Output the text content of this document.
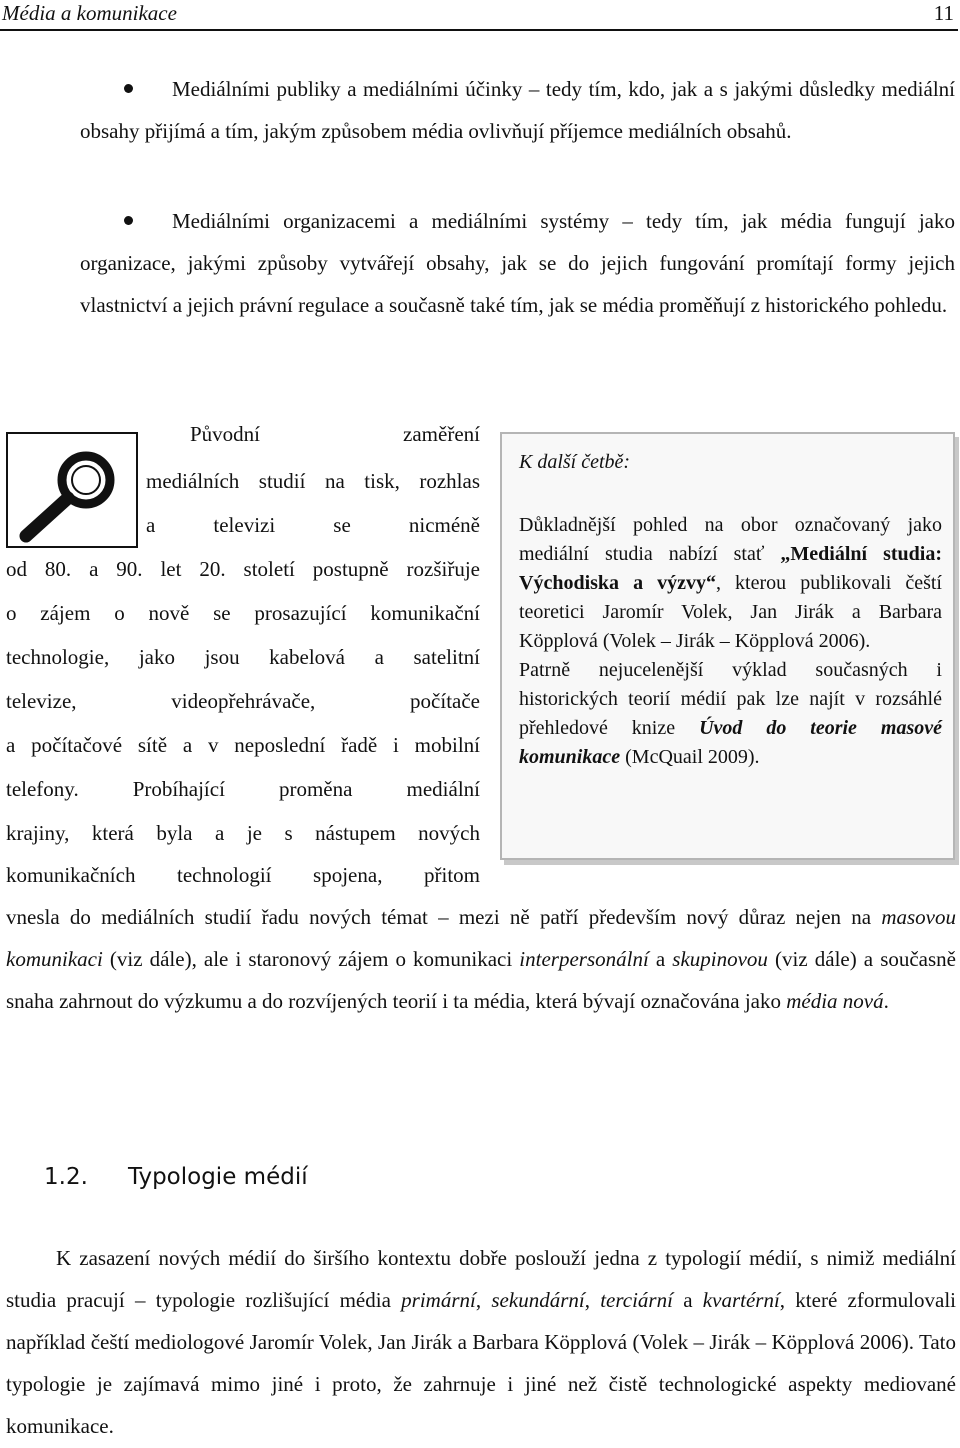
Média a komunikace	11
Mediálními publiky a mediálními účinky – tedy tím, kdo, jak a s jakými důsledky mediální obsahy přijímá a tím, jakým způsobem média ovlivňují příjemce mediálních obsahů.
Mediálními organizacemi a mediálními systémy – tedy tím, jak média fungují jako organizace, jakými způsoby vytvářejí obsahy, jak se do jejich fungování promítají formy jejich vlastnictví a jejich právní regulace a současně také tím, jak se média proměňují z historického pohledu.
Původní zaměření
mediálních studií na tisk, rozhlas
a televizi se nicméně
od 80. a 90. let 20. století postupně rozšiřuje
o zájem o nově se prosazující komunikační
technologie, jako jsou kabelová a satelitní
televize, videopřehrávače, počítače
a počítačové sítě a v neposlední řadě i mobilní
telefony. Probíhající proměna mediální
krajiny, která byla a je s nástupem nových
komunikačních technologií spojena, přitom
K další četbě:

Důkladnější pohled na obor označovaný jako mediální studia nabízí stať „Mediální studia: Východiska a výzvy“, kterou publikovali čeští teoretici Jaromír Volek, Jan Jirák a Barbara Köpplová (Volek – Jirák – Köpplová 2006).

Patrně nejucelenější výklad současných i historických teorií médií pak lze najít v rozsáhlé přehledové knize Úvod do teorie masové komunikace (McQuail 2009).

vnesla do mediálních studií řadu nových témat – mezi ně patří především nový důraz nejen na masovou komunikaci (viz dále), ale i staronový zájem o komunikaci interpersonální a skupinovou (viz dále) a současně snaha zahrnout do výzkumu a do rozvíjených teorií i ta média, která bývají označována jako média nová.

1.2. Typologie médií

K zasazení nových médií do širšího kontextu dobře poslouží jedna z typologií médií, s nimiž mediální studia pracují – typologie rozlišující média primární, sekundární, terciární a kvartérní, které zformulovali například čeští mediologové Jaromír Volek, Jan Jirák a Barbara Köpplová (Volek – Jirák – Köpplová 2006). Tato typologie je zajímavá mimo jiné i proto, že zahrnuje i jiné než čistě technologické aspekty mediované komunikace.
